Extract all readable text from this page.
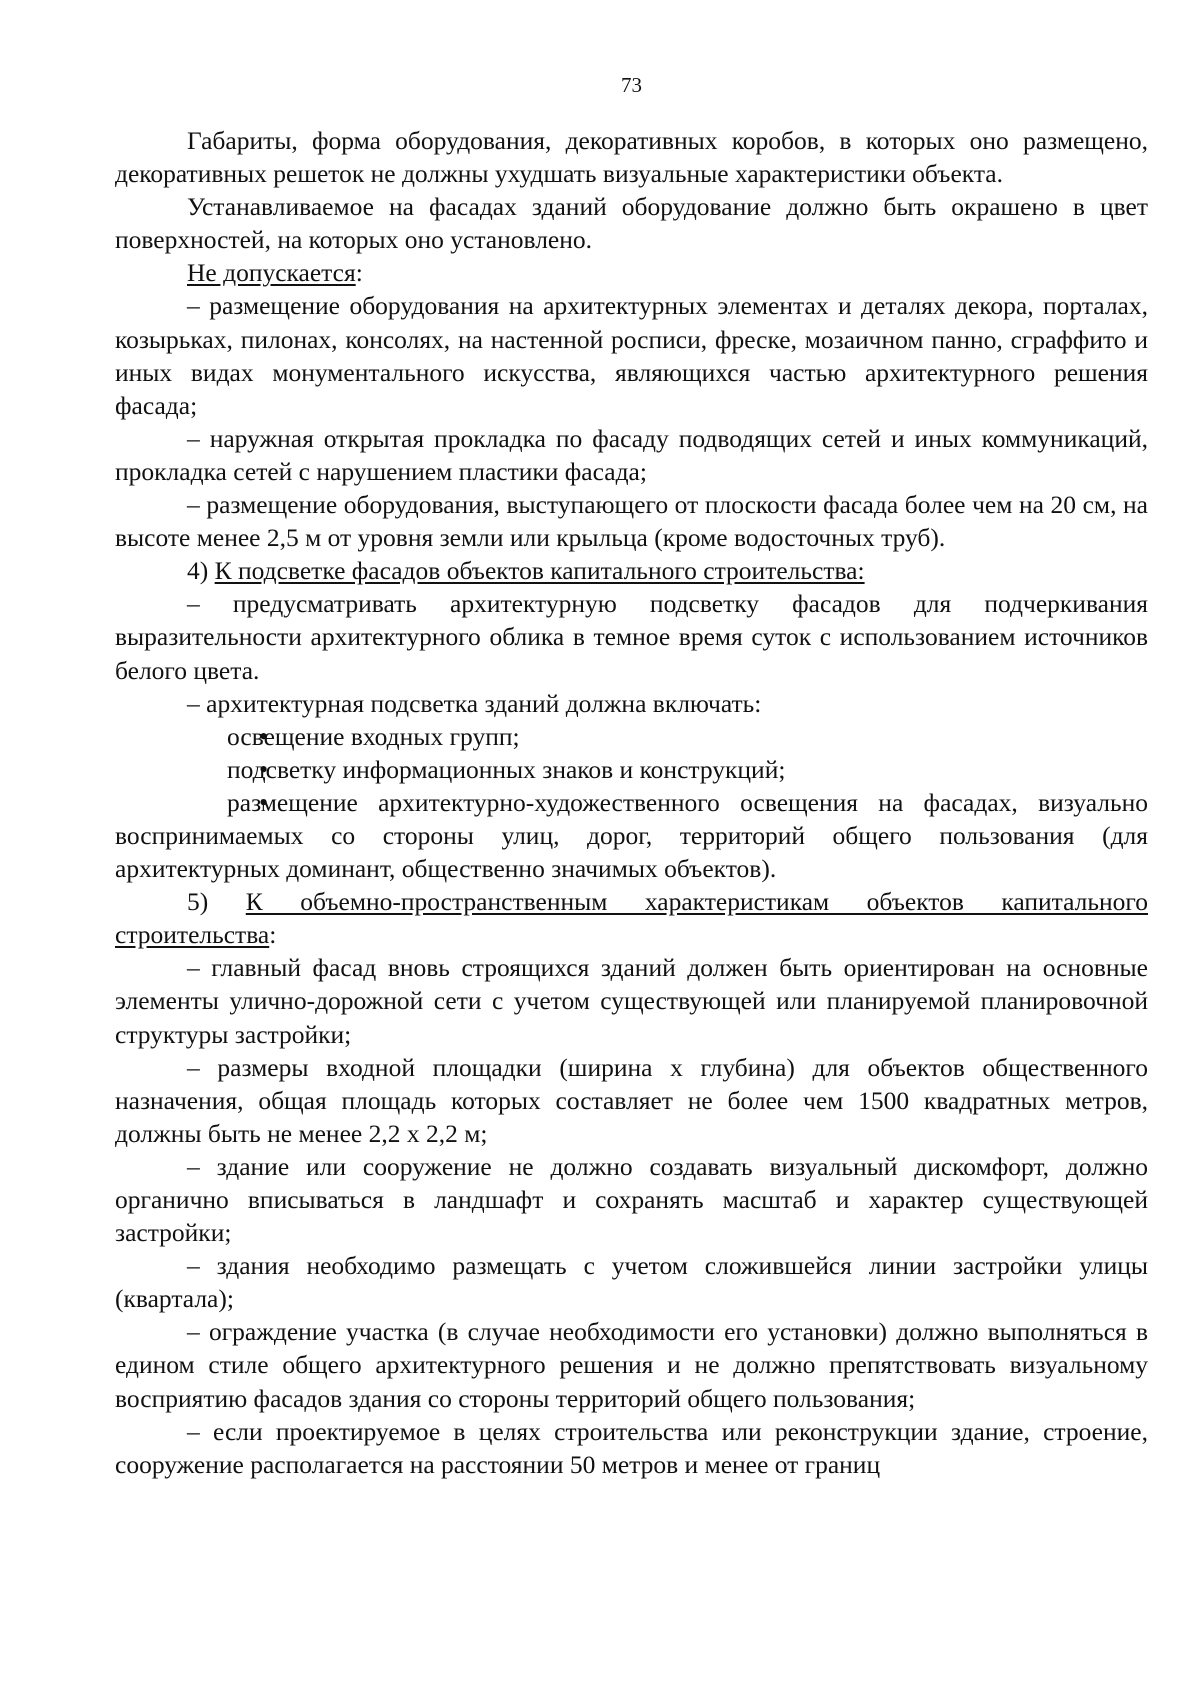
73

Габариты, форма оборудования, декоративных коробов, в которых оно размещено, декоративных решеток не должны ухудшать визуальные характеристики объекта.

Устанавливаемое на фасадах зданий оборудование должно быть окрашено в цвет поверхностей, на которых оно установлено.

Не допускается:

– размещение оборудования на архитектурных элементах и деталях декора, порталах, козырьках, пилонах, консолях, на настенной росписи, фреске, мозаичном панно, сграффито и иных видах монументального искусства, являющихся частью архитектурного решения фасада;

– наружная открытая прокладка по фасаду подводящих сетей и иных коммуникаций, прокладка сетей с нарушением пластики фасада;

– размещение оборудования, выступающего от плоскости фасада более чем на 20 см, на высоте менее 2,5 м от уровня земли или крыльца (кроме водосточных труб).

4) К подсветке фасадов объектов капитального строительства:

– предусматривать архитектурную подсветку фасадов для подчеркивания выразительности архитектурного облика в темное время суток с использованием источников белого цвета.

– архитектурная подсветка зданий должна включать:

• освещение входных групп;

• подсветку информационных знаков и конструкций;

• размещение архитектурно-художественного освещения на фасадах, визуально воспринимаемых со стороны улиц, дорог, территорий общего пользования (для архитектурных доминант, общественно значимых объектов).

5) К объемно-пространственным характеристикам объектов капитального строительства:

– главный фасад вновь строящихся зданий должен быть ориентирован на основные элементы улично-дорожной сети с учетом существующей или планируемой планировочной структуры застройки;

– размеры входной площадки (ширина х глубина) для объектов общественного назначения, общая площадь которых составляет не более чем 1500 квадратных метров, должны быть не менее 2,2 х 2,2 м;

– здание или сооружение не должно создавать визуальный дискомфорт, должно органично вписываться в ландшафт и сохранять масштаб и характер существующей застройки;

– здания необходимо размещать с учетом сложившейся линии застройки улицы (квартала);

– ограждение участка (в случае необходимости его установки) должно выполняться в едином стиле общего архитектурного решения и не должно препятствовать визуальному восприятию фасадов здания со стороны территорий общего пользования;

– если проектируемое в целях строительства или реконструкции здание, строение, сооружение располагается на расстоянии 50 метров и менее от границ
